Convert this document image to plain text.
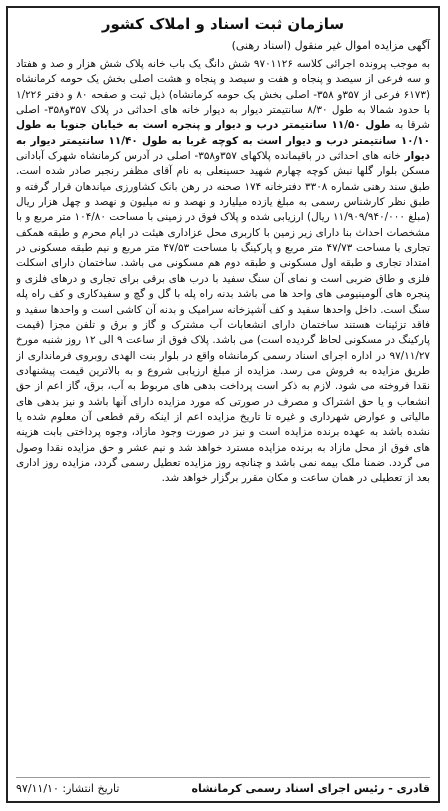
سازمان ثبت اسناد و املاک کشور
آگهی مزایده اموال غیر منقول (اسناد رهنی)

به موجب پرونده اجرائی کلاسه ۹۷۰۱۱۲۶ شش دانگ یک باب خانه پلاک شش هزار و صد و هفتاد و سه فرعی از سیصد و پنجاه و هفت و سیصد و پنجاه و هشت اصلی بخش یک حومه کرمانشاه (۶۱۷۳ فرعی از ۳۵۷و ۳۵۸- اصلی بخش یک حومه کرمانشاه) ذیل ثبت و صفحه ۸۰ و دفتر ۱/۲۲۶ با حدود شمالا به طول ۸/۳۰ سانتیمتر دیوار به دیوار خانه های احداثی در پلاک ۳۵۷و۳۵۸- اصلی شرقا به طول ۱۱/۵۰ سانتیمتر درب و دیوار و پنجره است به خیابان جنوبا به طول ۱۰/۱۰ سانتیمتر درب و دیوار است به کوچه غربا به طول ۱۱/۴۰ سانتیمتر دیوار به دیوار خانه های احداثی در باقیمانده پلاکهای ۳۵۷و۳۵۸- اصلی در آدرس کرمانشاه شهرک آبادانی مسکن بلوار گلها نبش کوچه چهارم شهید حسینعلی به نام آقای مظفر رنجبر صادر شده است. طبق سند رهنی شماره ۳۳۰۸ دفترخانه ۱۷۴ صحنه در رهن بانک کشاورزی میاندهان قرار گرفته و طبق نظر کارشناس رسمی به مبلغ یازده میلیارد و نهصد و نه میلیون و نهصد و چهل هزار ریال (مبلغ ۱۱/۹۰۹/۹۴۰/۰۰۰ ریال) ارزیابی شده و پلاک فوق در زمینی با مساحت ۱۰۴/۸۰ متر مربع و با مشخصات احداث بنا دارای زیر زمین با کاربری محل عزاداری هیئت در ایام محرم و طبقه همکف تجاری با مساحت ۴۷/۷۳ متر مربع و پارکینگ با مساحت ۴۷/۵۳ متر مربع و نیم طبقه مسکونی در امتداد تجاری و طبقه اول مسکونی و طبقه دوم هم مسکونی می باشد. ساختمان دارای اسکلت فلزی و طاق ضربی است و نمای آن سنگ سفید با درب های برقی برای تجاری و درهای فلزی و پنجره های آلومینیومی های واحد ها می باشد بدنه راه پله با گل و گچ و سفیدکاری و کف راه پله سنگ است. داخل واحدها سفید و کف آشپزخانه سرامیک و بدنه آن کاشی است و واحدها سفید و فاقد تزئینات هستند ساختمان دارای انشعابات آب مشترک و گاز و برق و تلفن مجزا (قیمت پارکینگ در مسکونی لحاظ گردیده است) می باشد. پلاک فوق از ساعت ۹ الی ۱۲ روز شنبه مورخ ۹۷/۱۱/۲۷ در اداره اجرای اسناد رسمی کرمانشاه واقع در بلوار بنت الهدی روبروی فرمانداری از طریق مزایده به فروش می رسد. مزایده از مبلغ ارزیابی شروع و به بالاترین قیمت پیشنهادی نقدا فروخته می شود. لازم به ذکر است پرداخت بدهی های مربوط به آب، برق، گاز اعم از حق انشعاب و یا حق اشتراک و مصرف در صورتی که مورد مزایده دارای آنها باشد و نیز بدهی های مالیاتی و عوارض شهرداری و غیره تا تاریخ مزایده اعم از اینکه رقم قطعی آن معلوم شده یا نشده باشد به عهده برنده مزایده است و نیز در صورت وجود مازاد، وجوه پرداختی بابت هزینه های فوق از محل مازاد به برنده مزایده مسترد خواهد شد و نیم عشر و حق مزایده نقدا وصول می گردد. ضمنا ملک بیمه نمی باشد و چنانچه روز مزایده تعطیل رسمی گردد، مزایده روز اداری بعد از تعطیلی در همان ساعت و مکان مقرر برگزار خواهد شد.

قادری - رئیس اجرای اسناد رسمی کرمانشاه
تاریخ انتشار: ۹۷/۱۱/۱۰
